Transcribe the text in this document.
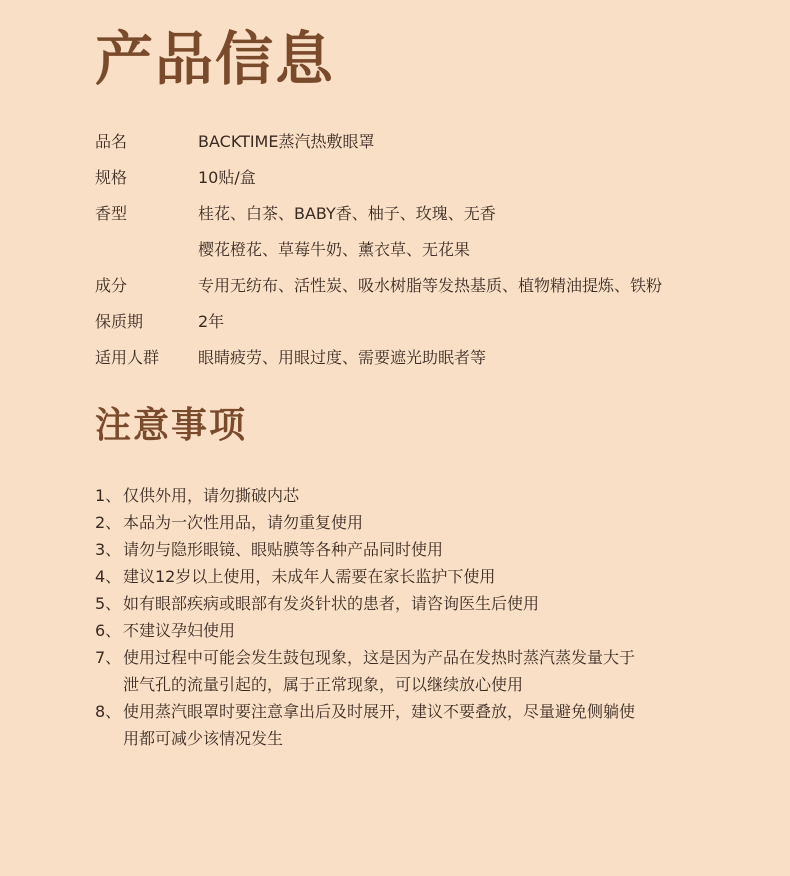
产品信息
品名	BACKTIME蒸汽热敷眼罩
规格	10贴/盒
香型	桂花、白茶、BABY香、柚子、玫瑰、无香
樱花橙花、草莓牛奶、薰衣草、无花果
成分	专用无纺布、活性炭、吸水树脂等发热基质、植物精油提炼、铁粉
保质期	2年
适用人群	眼睛疲劳、用眼过度、需要遮光助眠者等
注意事项
1、 仅供外用，请勿撕破内芯
2、 本品为一次性用品，请勿重复使用
3、 请勿与隐形眼镜、眼贴膜等各种产品同时使用
4、 建议12岁以上使用，未成年人需要在家长监护下使用
5、 如有眼部疾病或眼部有发炎针状的患者，请咨询医生后使用
6、 不建议孕妇使用
7、 使用过程中可能会发生鼓包现象，这是因为产品在发热时蒸汽蒸发量大于
泄气孔的流量引起的，属于正常现象，可以继续放心使用
8、 使用蒸汽眼罩时要注意拿出后及时展开，建议不要叠放，尽量避免侧躺使
用都可减少该情况发生
